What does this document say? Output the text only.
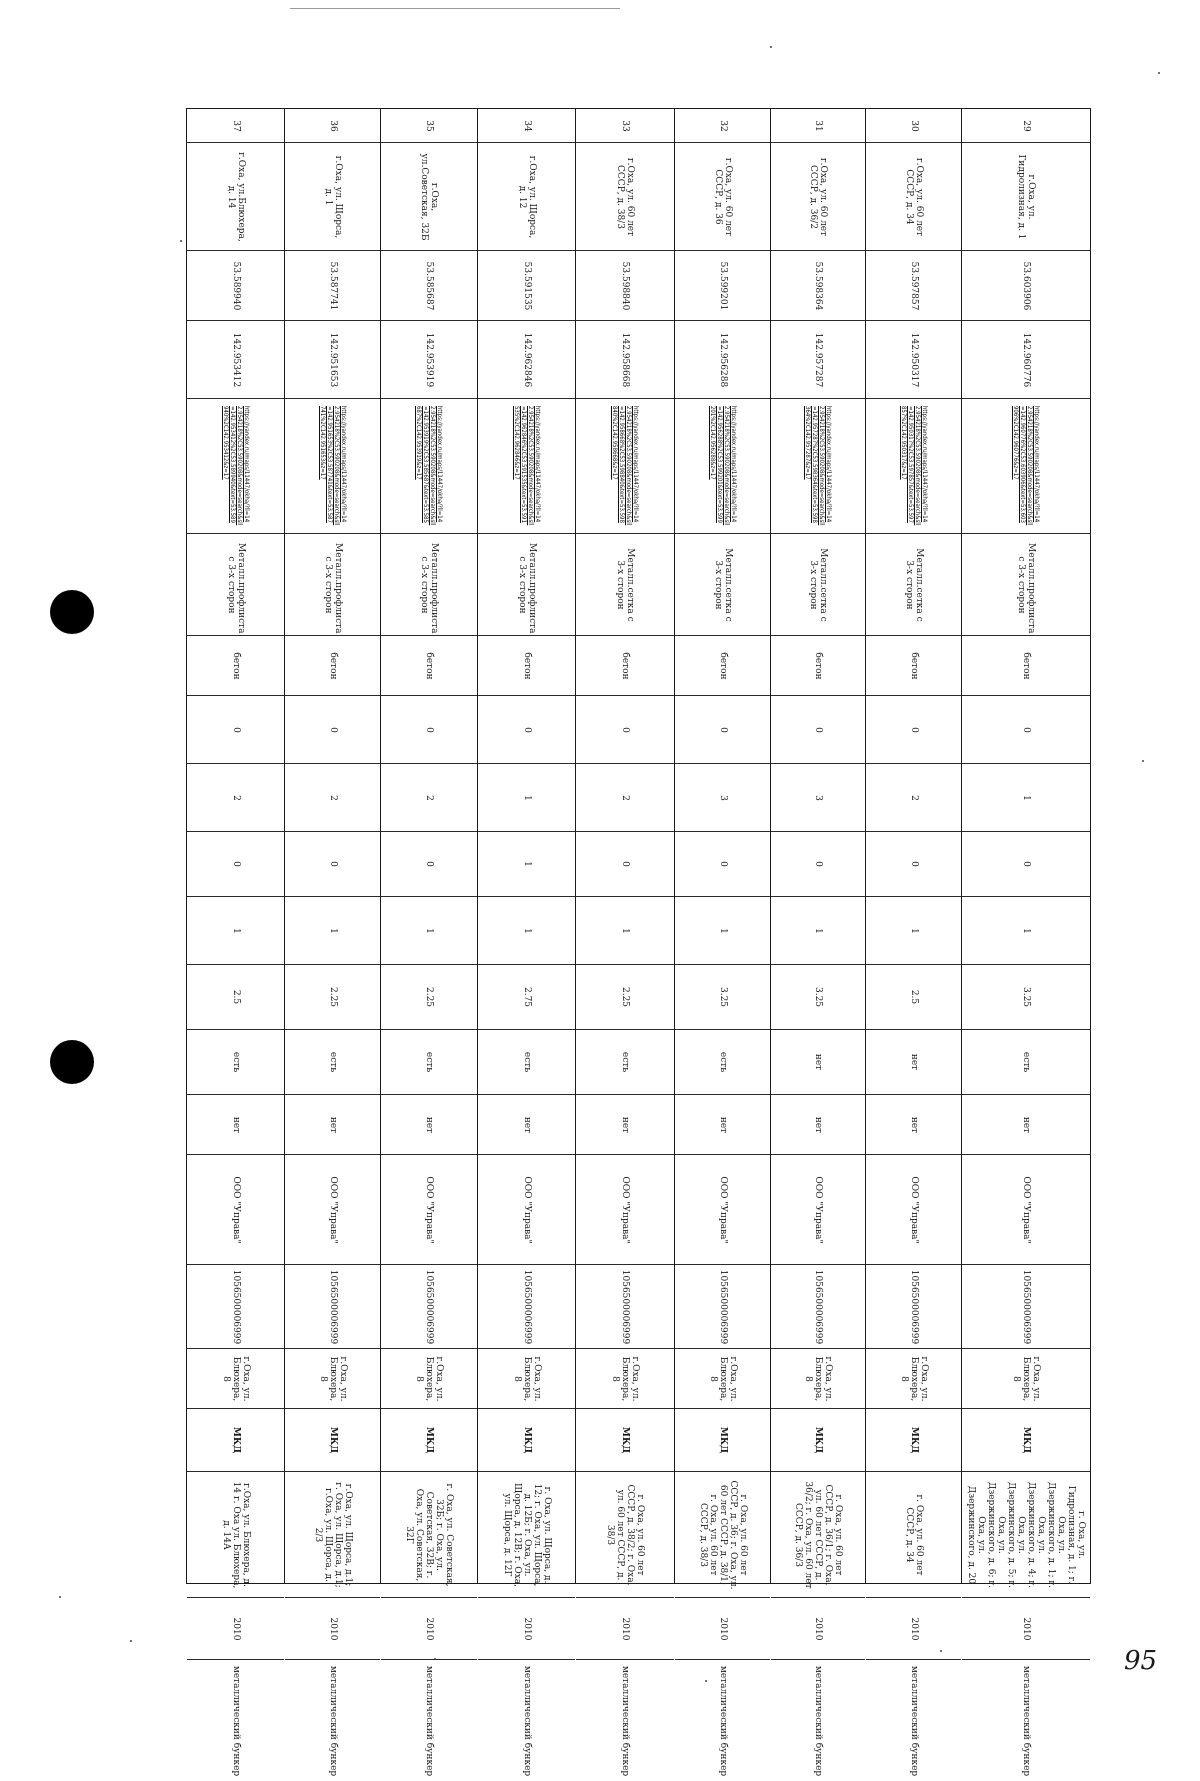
37
г.Оха, ул.Блюхера, д. 14
53.589940
142.953412
https://yandex.ru/maps/11447/okha/?ll=142.954218%2C53.590208&mode=search&sll=142.953412%2C53.589940&text=53.589940%2C142.953412&z=17
Металл.профлиста с 3-х сторон
бетон
0
2
0
1
2.5
есть
нет
ООО "Управа"
1056500006999
г.Оха, ул. Блюхера, 8
МКД
г.Оха, ул. Блюхера, д. 14 г. Оха ул. Блюхера, д. 14А
2010
металлический бункер
36
г.Оха, ул. Щорса, д. 1
53.587741
142.951653
https://yandex.ru/maps/11447/okha/?ll=142.954218%2C53.590208&mode=search&sll=142.951653%2C53.587741&text=53.587741%2C142.951653&z=17
Металл.профлиста с 3-х сторон
бетон
0
2
0
1
2.25
есть
нет
ООО "Управа"
1056500006999
г.Оха, ул. Блюхера, 8
МКД
г.Оха, ул. Щорса, д.1; г. Оха, ул. Щорса, д.1; г.Оха, ул. Щорса, д. 2/3
2010
металлический бункер
35
г.Оха, ул.Советская, 32Б
53.585687
142.953919
https://yandex.ru/maps/11447/okha/?ll=142.954218%2C53.590208&mode=search&sll=142.953919%2C53.585687&text=53.585687%2C142.953919&z=17
Металл.профлиста с 3-х сторон
бетон
0
2
0
1
2.25
есть
нет
ООО "Управа"
1056500006999
г.Оха, ул. Блюхера, 8
МКД
г. Оха, ул. Советская, 32Б; г. Оха, ул. Советская, 32В; г. Оха, ул. Советская, 32Г
2010
металлический бункер
34
г.Оха, ул. Щорса, д. 12
53.591535
142.962846
https://yandex.ru/maps/11447/okha/?ll=142.954218%2C53.590208&mode=search&sll=142.962846%2C53.591535&text=53.591535%2C142.962846&z=17
Металл.профлиста с 3-х сторон
бетон
0
1
1
1
2.75
есть
нет
ООО "Управа"
1056500006999
г.Оха, ул. Блюхера, 8
МКД
г. Оха, ул. Щорса, д. 12; г. Оха, ул. Щорса, д. 12Б; г. Оха, ул. Щорса, д. 12В; г. Оха, ул. Щорса, д. 12Г
2010
металлический бункер
33
г.Оха, ул. 60 лет СССР, д. 38/3
53.598840
142.958668
https://yandex.ru/maps/11447/okha/?ll=142.954218%2C53.590208&mode=search&sll=142.958668%2C53.598840&text=53.598840%2C142.958668&z=17
Металл.сетка с 3-х сторон
бетон
0
2
0
1
2.25
есть
нет
ООО "Управа"
1056500006999
г.Оха, ул. Блюхера, 8
МКД
г. Оха, ул. 60 лет СССР, д. 38/2; г. Оха, ул. 60 лет СССР, д. 38/3
2010
металлический бункер
32
г.Оха, ул. 60 лет СССР, д. 36
53.599201
142.956288
https://yandex.ru/maps/11447/okha/?ll=142.954218%2C53.590208&mode=search&sll=142.956288%2C53.599201&text=53.599201%2C142.956288&z=17
Металл.сетка с 3-х сторон
бетон
0
3
0
1
3.25
есть
нет
ООО "Управа"
1056500006999
г.Оха, ул. Блюхера, 8
МКД
г. Оха, ул. 60 лет СССР, д. 36; г. Оха, ул. 60 лет СССР, д. 38/1; г. Оха, ул. 60 лет СССР, д. 38/3
2010
металлический бункер
31
г.Оха, ул. 60 лет СССР, д. 36/2
53.598364
142.957287
https://yandex.ru/maps/11447/okha/?ll=142.954218%2C53.590208&mode=search&sll=142.957287%2C53.598364&text=53.598364%2C142.957287&z=17
Металл.сетка с 3-х сторон
бетон
0
3
0
1
3.25
нет
нет
ООО "Управа"
1056500006999
г.Оха, ул. Блюхера, 8
МКД
г. Оха, ул. 60 лет СССР, д. 36/1; г. Оха, ул. 60 лет СССР, д. 36/2; г. Оха, ул. 60 лет СССР, д. 36/3
2010
металлический бункер
30
г.Оха, ул. 60 лет СССР, д. 34
53.597857
142.950317
https://yandex.ru/maps/11447/okha/?ll=142.954218%2C53.590208&mode=search&sll=142.950317%2C53.597857&text=53.597857%2C142.950317&z=17
Металл.сетка с 3-х сторон
бетон
0
2
0
1
2.5
нет
нет
ООО "Управа"
1056500006999
г.Оха, ул. Блюхера, 8
МКД
г. Оха, ул. 60 лет СССР, д. 34
2010
металлический бункер
29
г.Оха, ул. Гидролизная, д. 1
53.603906
142.960776
https://yandex.ru/maps/11447/okha/?ll=142.954218%2C53.590208&mode=search&sll=142.960776%2C53.603906&text=53.603906%2C142.960776&z=17
Металл.профлиста с 3-х сторон
бетон
0
1
0
1
3.25
есть
нет
ООО "Управа"
1056500006999
г.Оха, ул. Блюхера, 8
МКД
г. Оха, ул. Гидролизная, д. 1; г. Оха, ул. Дзержинского, д. 1; г. Оха, ул. Дзержинского, д. 4; г. Оха, ул. Дзержинского, д. 5; г. Оха, ул. Дзержинского, д. 6; г. Оха, ул. Дзержинского, д. 20
2010
металлический бункер
95
